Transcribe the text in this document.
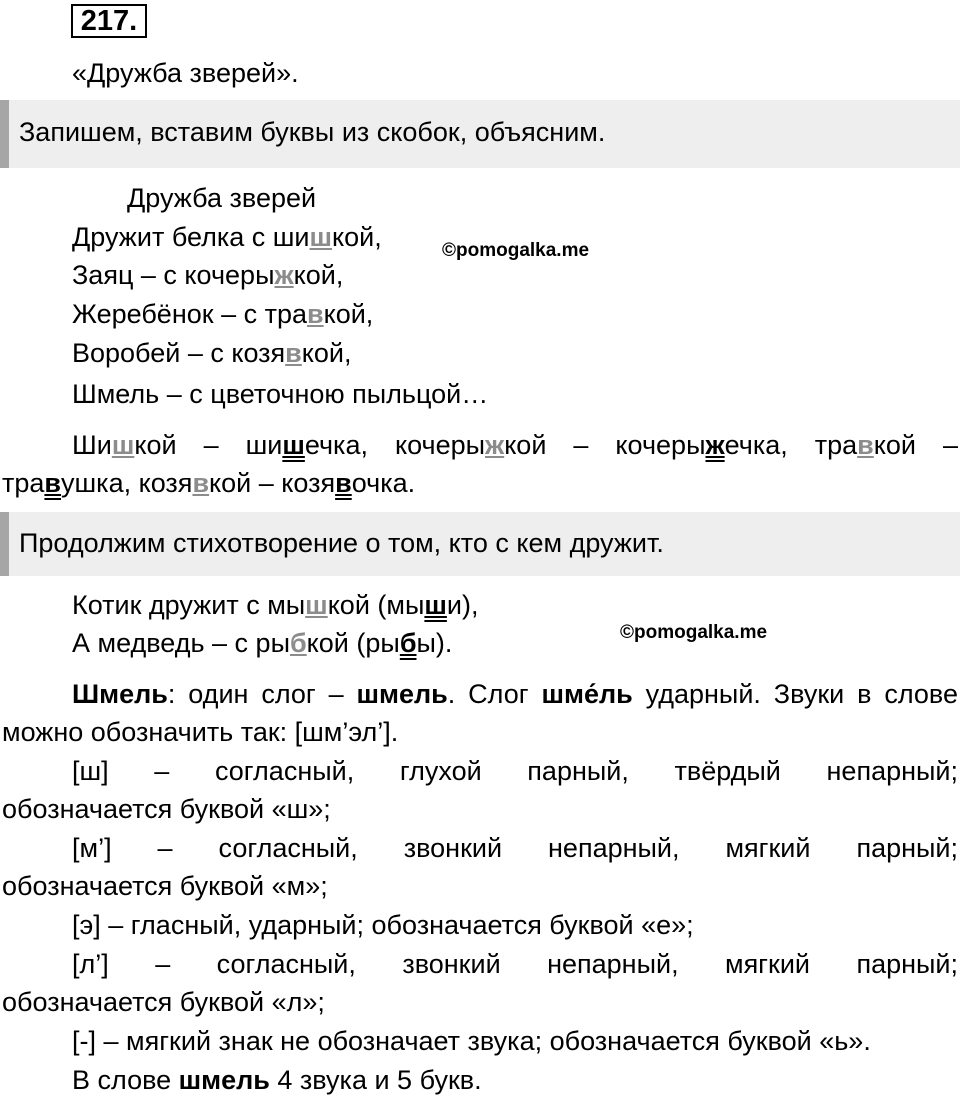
217.
«Дружба зверей».
Запишем, вставим буквы из скобок, объясним.
Дружба зверей
Дружит белка с шишкой,
Заяц – с кочерыжкой,
Жеребёнок – с травкой,
Воробей – с козявкой,
Шмель – с цветочною пыльцой…
©pomogalka.me
Шишкой – шишечка, кочерыжкой – кочерыжечка, травкой –
травушка, козявкой – козявочка.
Продолжим стихотворение о том, кто с кем дружит.
Котик дружит с мышкой (мыши),
А медведь – с рыбкой (рыбы).	©pomogalka.me
Шмель: один слог – шмель. Слог шме́ль ударный. Звуки в слове
можно обозначить так: [шм’эл’].
[ш] – согласный, глухой парный, твёрдый непарный;
обозначается буквой «ш»;
[м’] – согласный, звонкий непарный, мягкий парный;
обозначается буквой «м»;
[э] – гласный, ударный; обозначается буквой «е»;
[л’] – согласный, звонкий непарный, мягкий парный;
обозначается буквой «л»;
[-] – мягкий знак не обозначает звука; обозначается буквой «ь».
В слове шмель 4 звука и 5 букв.
